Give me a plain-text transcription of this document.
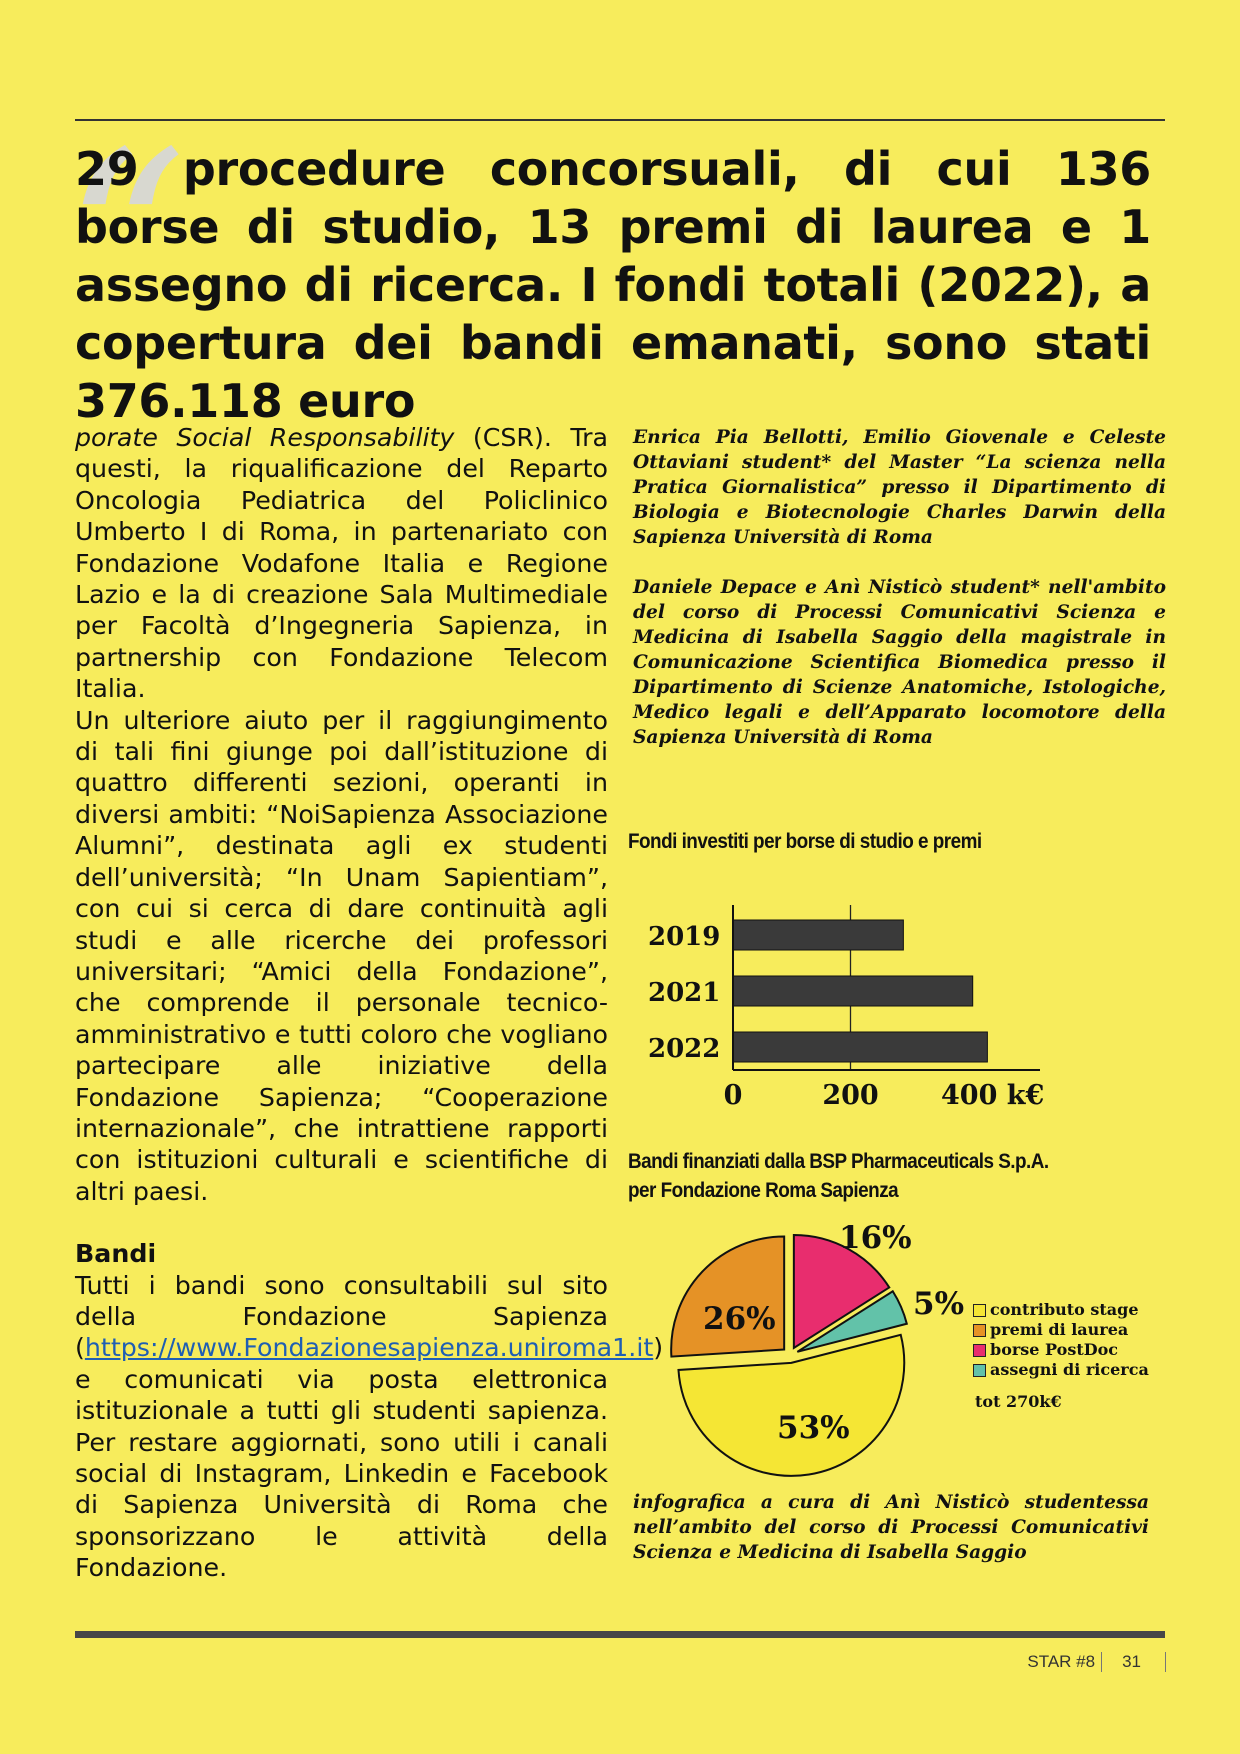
“
29 procedure concorsuali, di cui 136 borse di studio, 13 premi di laurea e 1 assegno di ricerca. I fondi totali (2022), a copertura dei bandi emanati, sono stati 376.118 euro

porate Social Responsability (CSR). Tra questi, la riqualificazione del Reparto Oncologia Pediatrica del Policlinico Umberto I di Roma, in partenariato con Fondazione Vodafone Italia e Regione Lazio e la di creazione Sala Multimediale per Facoltà d’Ingegneria Sapienza, in partnership con Fondazione Telecom Italia.

Un ulteriore aiuto per il raggiungimento di tali fini giunge poi dall’istituzione di quattro differenti sezioni, operanti in diversi ambiti: “NoiSapienza Associazione Alumni”, destinata agli ex studenti dell’università; “In Unam Sapientiam”, con cui si cerca di dare continuità agli studi e alle ricerche dei professori universitari; “Amici della Fondazione”, che comprende il personale tecnico-amministrativo e tutti coloro che vogliano partecipare alle iniziative della Fondazione Sapienza; “Cooperazione internazionale”, che intrattiene rapporti con istituzioni culturali e scientifiche di altri paesi.

Bandi

Tutti i bandi sono consultabili sul sito della Fondazione Sapienza (https://www.Fondazionesapienza.uniroma1.it) e comunicati via posta elettronica istituzionale a tutti gli studenti sapienza. Per restare aggiornati, sono utili i canali social di Instagram, Linkedin e Facebook di Sapienza Università di Roma che sponsorizzano le attività della Fondazione.

Enrica Pia Bellotti, Emilio Giovenale e Celeste Ottaviani student* del Master “La scienza nella Pratica Giornalistica” presso il Dipartimento di Biologia e Biotecnologie Charles Darwin della Sapienza Università di Roma

Daniele Depace e Anì Nisticò student* nell'ambito del corso di Processi Comunicativi Scienza e Medicina di Isabella Saggio della magistrale in Comunicazione Scientifica Biomedica presso il Dipartimento di Scienze Anatomiche, Istologiche, Medico legali e dell’Apparato locomotore della Sapienza Università di Roma

Fondi investiti per borse di studio e premi
2019
2021
2022
0	200 400 k€
Bandi finanziati dalla BSP Pharmaceuticals S.p.A.
per Fondazione Roma Sapienza
53%
26%
16%
5% contributo stage
premi di laurea
borse PostDoc
assegni di ricerca
tot 270k€
infografica a cura di Anì Nisticò studentessa nell’ambito del corso di Processi Comunicativi Scienza e Medicina di Isabella Saggio
STAR #8 31
